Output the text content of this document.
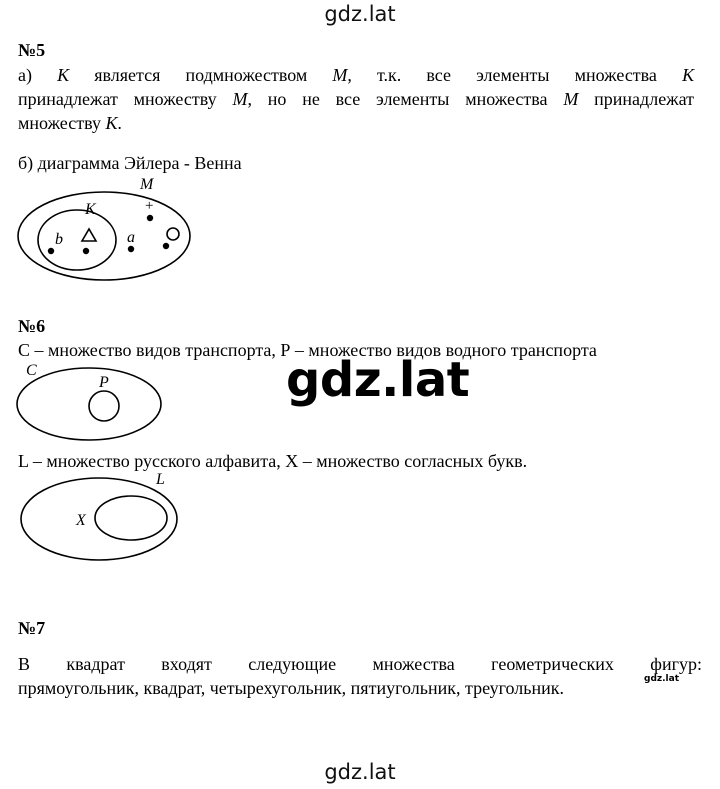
gdz.lat
№5
а) К является подмножеством М, т.к. все элементы множества К
принадлежат множеству М, но не все элементы множества М принадлежат
множеству К.
б) диаграмма Эйлера - Венна
M
K
b	a
+
№6
С – множество видов транспорта, Р – множество видов водного транспорта
C
P
L – множество русского алфавита, Х – множество согласных букв.
L
X
№7
В квадрат входят следующие множества геометрических фигур:
прямоугольник, квадрат, четырехугольник, пятиугольник, треугольник.
gdz.lat
gdz.lat
gdz.lat
